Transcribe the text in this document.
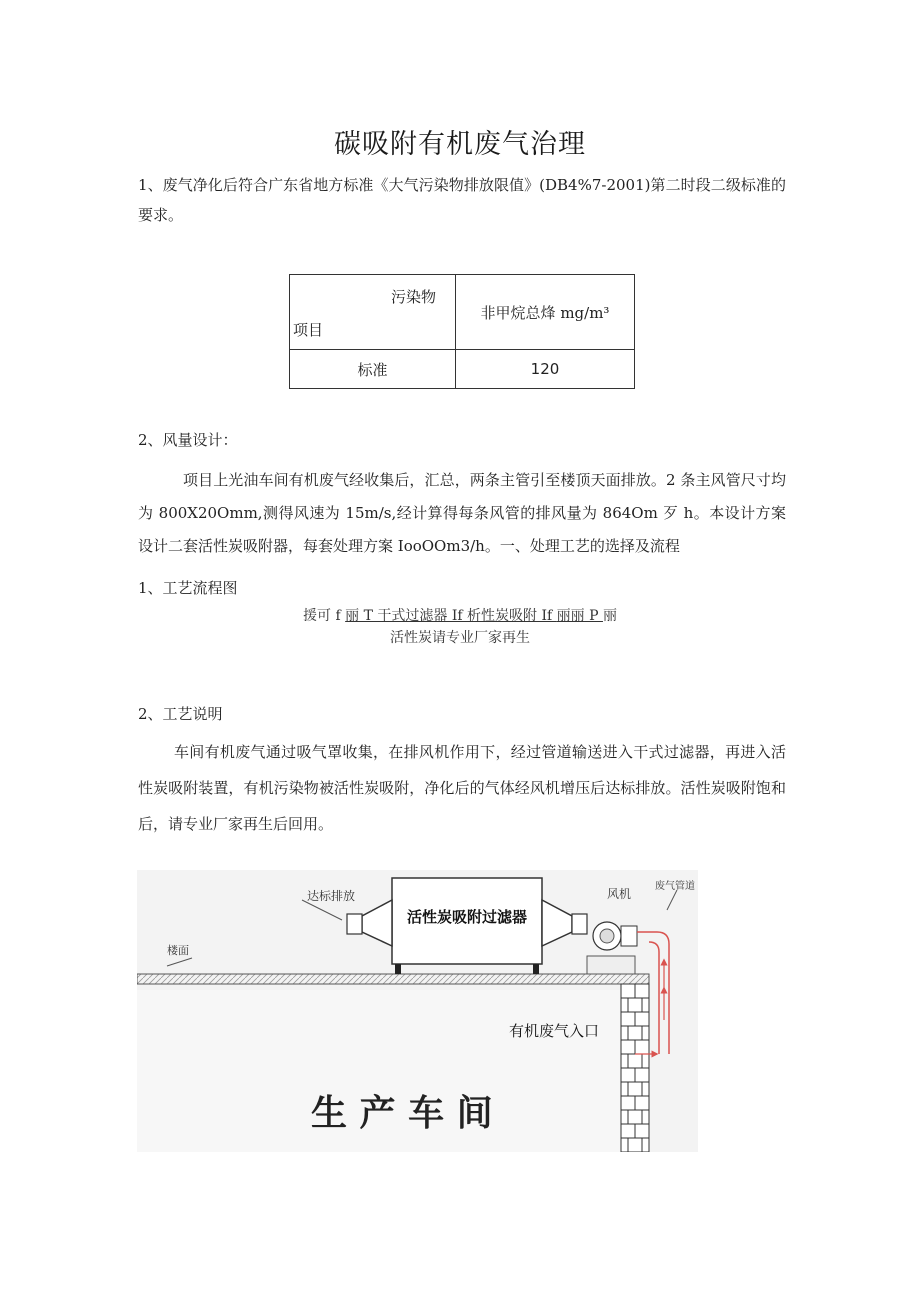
碳吸附有机废气治理
1、废气净化后符合广东省地方标准《大气污染物排放限值》(DB4%7-2001)第二时段二级标准的要求。
污染物
项目	非甲烷总烽 mg/m³
标准	120
2、风量设计：
项目上光油车间有机废气经收集后，汇总，两条主管引至楼顶天面排放。2 条主风管尺寸均为 800X20Omm,测得风速为 15m∕s,经计算得每条风管的排风量为 864Om 歹 h。本设计方案设计二套活性炭吸附器，每套处理方案 IooOOm3/h。一、处理工艺的选择及流程
1、工艺流程图
援可 f 丽 T 干式过滤器 If 析性炭吸附 If 丽丽 P 丽
活性炭请专业厂家再生
2、工艺说明
车间有机废气通过吸气罩收集，在排风机作用下，经过管道输送进入干式过滤器，再进入活性炭吸附装置，有机污染物被活性炭吸附，净化后的气体经风机增压后达标排放。活性炭吸附饱和后，请专业厂家再生后回用。
达标排放
活性炭吸附过滤器
风机
废气管道
楼面
有机废气入口
生 产 车 间
